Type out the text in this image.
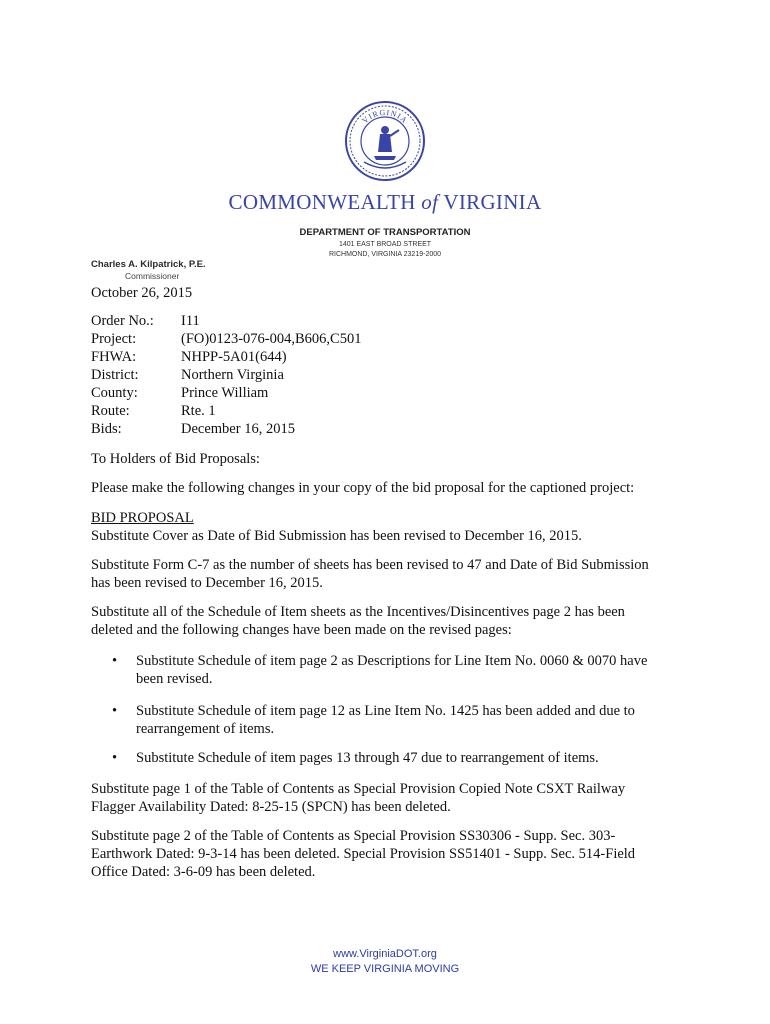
VIRGINIA
COMMONWEALTH of VIRGINIA
DEPARTMENT OF TRANSPORTATION
1401 EAST BROAD STREET
RICHMOND, VIRGINIA 23219-2000
Charles A. Kilpatrick, P.E.
Commissioner
October 26, 2015
Order No.:	I11
Project:	(FO)0123-076-004,B606,C501
FHWA:	NHPP-5A01(644)
District:	Northern Virginia
County:	Prince William
Route:	Rte. 1
Bids:	December 16, 2015
To Holders of Bid Proposals:
Please make the following changes in your copy of the bid proposal for the captioned project:
BID PROPOSAL
Substitute Cover as Date of Bid Submission has been revised to December 16, 2015.
Substitute Form C-7 as the number of sheets has been revised to 47 and Date of Bid Submission
has been revised to December 16, 2015.
Substitute all of the Schedule of Item sheets as the Incentives/Disincentives page 2 has been
deleted and the following changes have been made on the revised pages:
•	Substitute Schedule of item page 2 as Descriptions for Line Item No. 0060 & 0070 have
been revised.
•	Substitute Schedule of item page 12 as Line Item No. 1425 has been added and due to
rearrangement of items.
•	Substitute Schedule of item pages 13 through 47 due to rearrangement of items.
Substitute page 1 of the Table of Contents as Special Provision Copied Note CSXT Railway
Flagger Availability Dated: 8-25-15 (SPCN) has been deleted.
Substitute page 2 of the Table of Contents as Special Provision SS30306 - Supp. Sec. 303-
Earthwork Dated: 9-3-14 has been deleted. Special Provision SS51401 - Supp. Sec. 514-Field
Office Dated: 3-6-09 has been deleted.
www.VirginiaDOT.org
WE KEEP VIRGINIA MOVING
